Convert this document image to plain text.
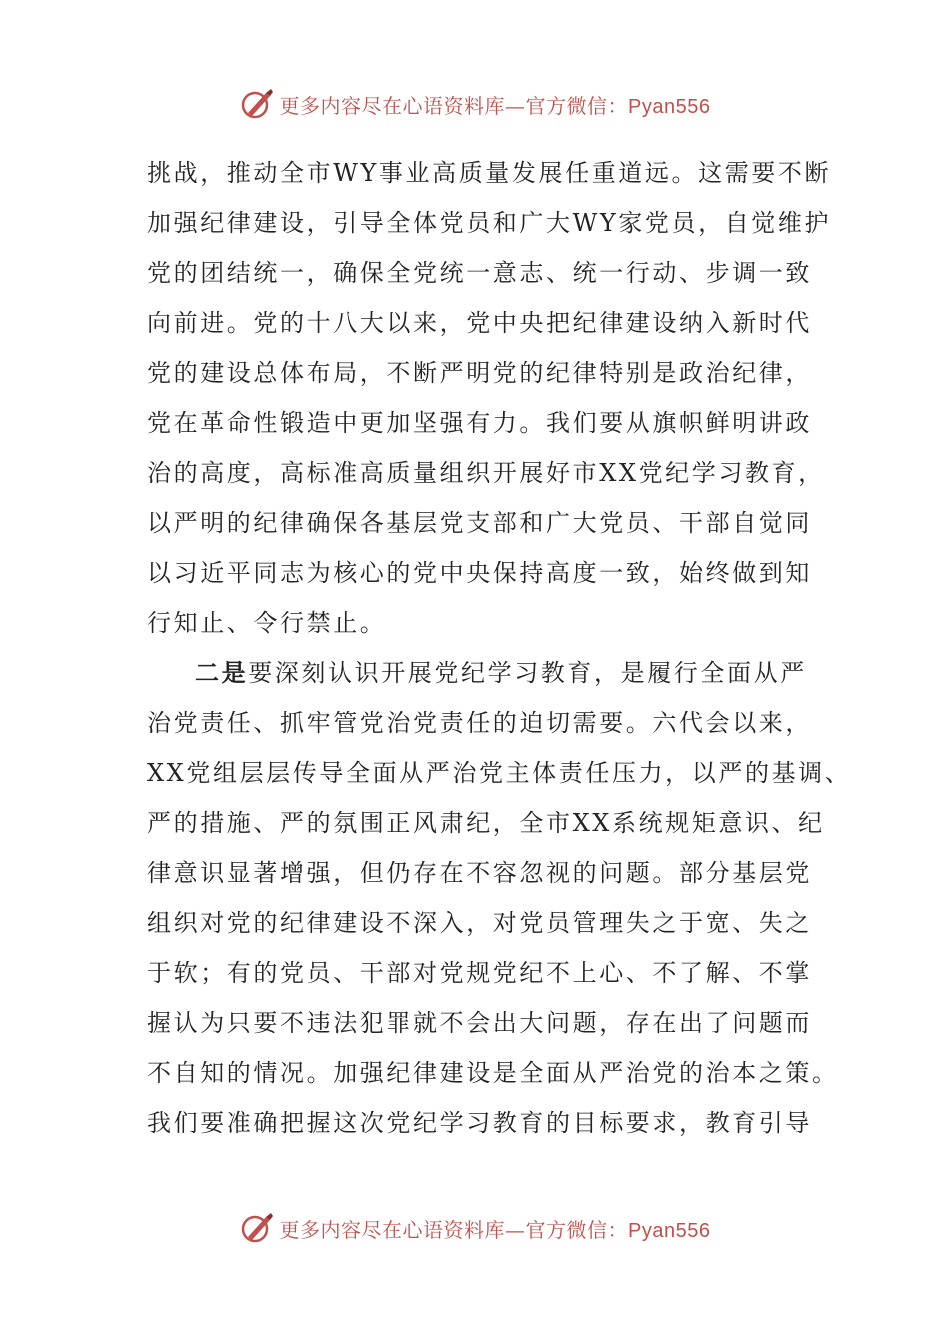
更多内容尽在心语资料库—官方微信：Pyan556
挑战，推动全市WY事业高质量发展任重道远。这需要不断
加强纪律建设，引导全体党员和广大WY家党员，自觉维护
党的团结统一，确保全党统一意志、统一行动、步调一致
向前进。党的十八大以来，党中央把纪律建设纳入新时代
党的建设总体布局，不断严明党的纪律特别是政治纪律，
党在革命性锻造中更加坚强有力。我们要从旗帜鲜明讲政
治的高度，高标准高质量组织开展好市XX党纪学习教育，
以严明的纪律确保各基层党支部和广大党员、干部自觉同
以习近平同志为核心的党中央保持高度一致，始终做到知
行知止、令行禁止。
二是要深刻认识开展党纪学习教育，是履行全面从严
治党责任、抓牢管党治党责任的迫切需要。六代会以来，
XX党组层层传导全面从严治党主体责任压力，以严的基调、
严的措施、严的氛围正风肃纪，全市XX系统规矩意识、纪
律意识显著增强，但仍存在不容忽视的问题。部分基层党
组织对党的纪律建设不深入，对党员管理失之于宽、失之
于软；有的党员、干部对党规党纪不上心、不了解、不掌
握认为只要不违法犯罪就不会出大问题，存在出了问题而
不自知的情况。加强纪律建设是全面从严治党的治本之策。
我们要准确把握这次党纪学习教育的目标要求，教育引导
更多内容尽在心语资料库—官方微信：Pyan556
